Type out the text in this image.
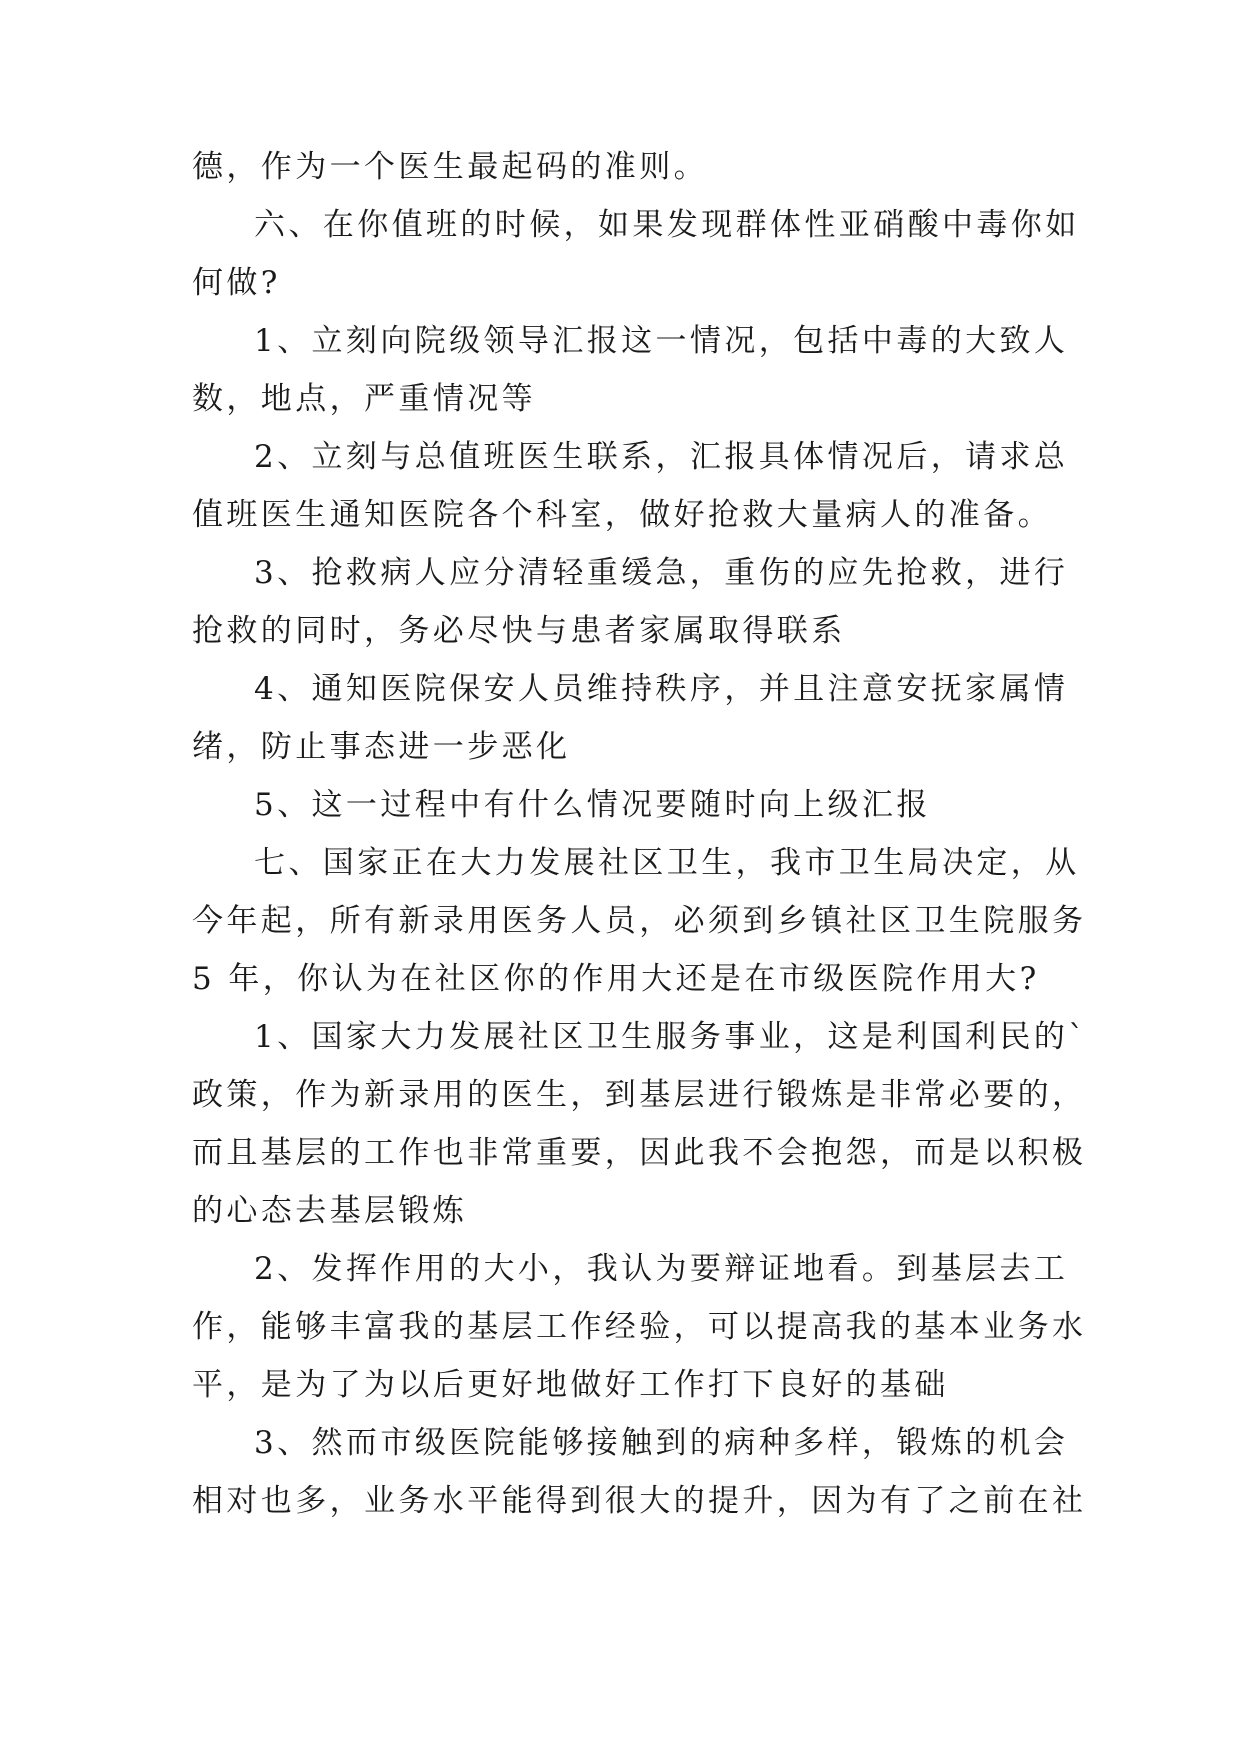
德，作为一个医生最起码的准则。
六、在你值班的时候，如果发现群体性亚硝酸中毒你如
何做?
1、立刻向院级领导汇报这一情况，包括中毒的大致人
数，地点，严重情况等
2、立刻与总值班医生联系，汇报具体情况后，请求总
值班医生通知医院各个科室，做好抢救大量病人的准备。
3、抢救病人应分清轻重缓急，重伤的应先抢救，进行
抢救的同时，务必尽快与患者家属取得联系
4、通知医院保安人员维持秩序，并且注意安抚家属情
绪，防止事态进一步恶化
5、这一过程中有什么情况要随时向上级汇报
七、国家正在大力发展社区卫生，我市卫生局决定，从
今年起，所有新录用医务人员，必须到乡镇社区卫生院服务
5 年，你认为在社区你的作用大还是在市级医院作用大?
1、国家大力发展社区卫生服务事业，这是利国利民的`
政策，作为新录用的医生，到基层进行锻炼是非常必要的，
而且基层的工作也非常重要，因此我不会抱怨，而是以积极
的心态去基层锻炼
2、发挥作用的大小，我认为要辩证地看。到基层去工
作，能够丰富我的基层工作经验，可以提高我的基本业务水
平，是为了为以后更好地做好工作打下良好的基础
3、然而市级医院能够接触到的病种多样，锻炼的机会
相对也多，业务水平能得到很大的提升，因为有了之前在社
